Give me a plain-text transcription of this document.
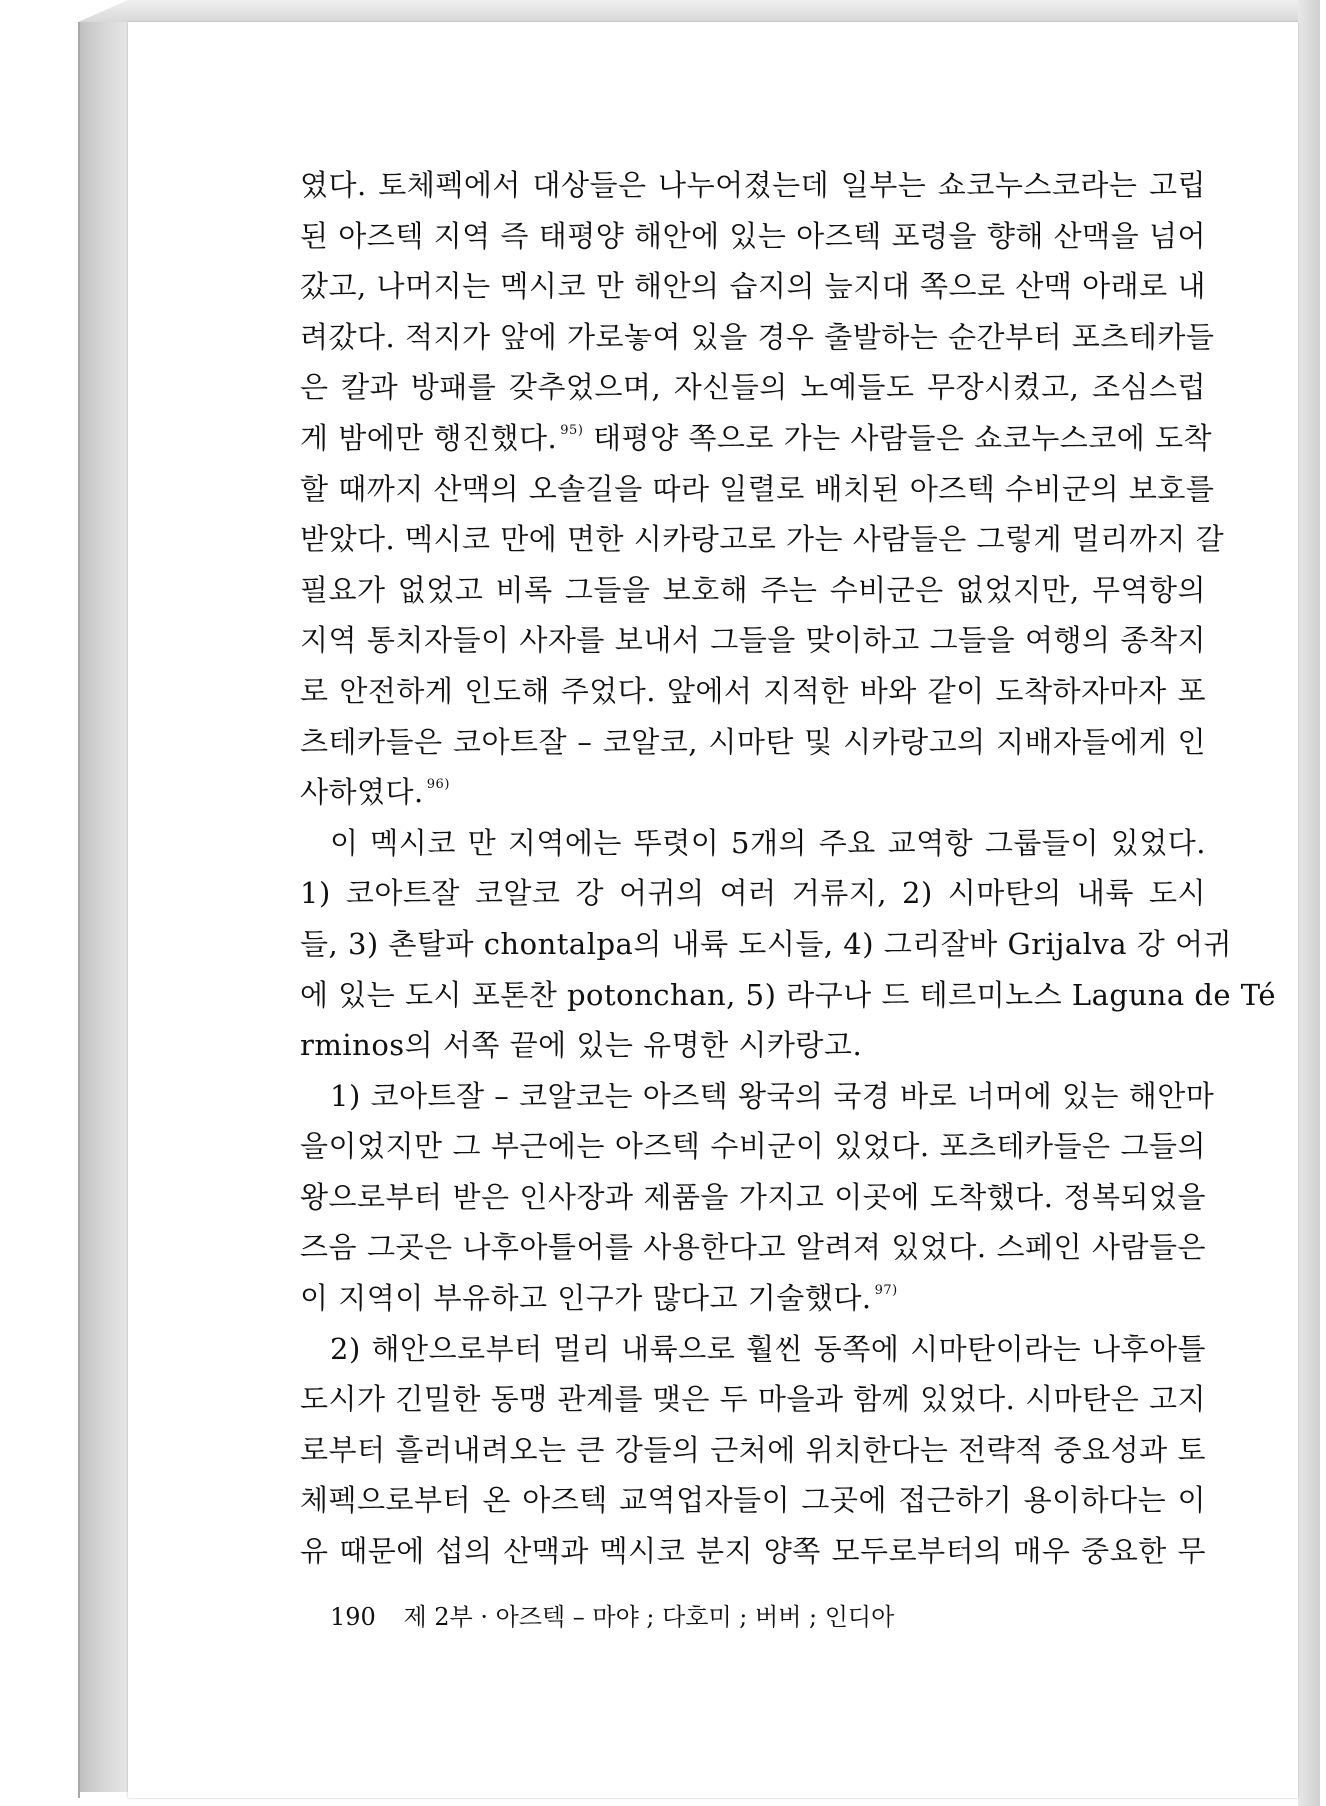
였다. 토체펙에서 대상들은 나누어졌는데 일부는 쇼코누스코라는 고립
된 아즈텍 지역 즉 태평양 해안에 있는 아즈텍 포령을 향해 산맥을 넘어
갔고, 나머지는 멕시코 만 해안의 습지의 늪지대 쪽으로 산맥 아래로 내
려갔다. 적지가 앞에 가로놓여 있을 경우 출발하는 순간부터 포츠테카들
은 칼과 방패를 갖추었으며, 자신들의 노예들도 무장시켰고, 조심스럽
게 밤에만 행진했다. $^{95)}$ 태평양 쪽으로 가는 사람들은 쇼코누스코에 도착
할 때까지 산맥의 오솔길을 따라 일렬로 배치된 아즈텍 수비군의 보호를
받았다. 멕시코 만에 면한 시카랑고로 가는 사람들은 그렇게 멀리까지 갈
필요가 없었고 비록 그들을 보호해 주는 수비군은 없었지만, 무역항의
지역 통치자들이 사자를 보내서 그들을 맞이하고 그들을 여행의 종착지
로 안전하게 인도해 주었다. 앞에서 지적한 바와 같이 도착하자마자 포
츠테카들은 코아트잘 – 코알코, 시마탄 및 시카랑고의 지배자들에게 인
사하였다. $^{96)}$
이 멕시코 만 지역에는 뚜렷이 5개의 주요 교역항 그룹들이 있었다.
1) 코아트잘 코알코 강 어귀의 여러 거류지, 2) 시마탄의 내륙 도시
들, 3) 촌탈파 chontalpa의 내륙 도시들, 4) 그리잘바 Grijalva 강 어귀
에 있는 도시 포톤찬 potonchan, 5) 라구나 드 테르미노스 Laguna de Té
rminos의 서쪽 끝에 있는 유명한 시카랑고.
1) 코아트잘 – 코알코는 아즈텍 왕국의 국경 바로 너머에 있는 해안마
을이었지만 그 부근에는 아즈텍 수비군이 있었다. 포츠테카들은 그들의
왕으로부터 받은 인사장과 제품을 가지고 이곳에 도착했다. 정복되었을
즈음 그곳은 나후아틀어를 사용한다고 알려져 있었다. 스페인 사람들은
이 지역이 부유하고 인구가 많다고 기술했다. $^{97)}$
2) 해안으로부터 멀리 내륙으로 훨씬 동쪽에 시마탄이라는 나후아틀
도시가 긴밀한 동맹 관계를 맺은 두 마을과 함께 있었다. 시마탄은 고지
로부터 흘러내려오는 큰 강들의 근처에 위치한다는 전략적 중요성과 토
체펙으로부터 온 아즈텍 교역업자들이 그곳에 접근하기 용이하다는 이
유 때문에 섭의 산맥과 멕시코 분지 양쪽 모두로부터의 매우 중요한 무
190 제 2부 · 아즈텍 – 마야 ; 다호미 ; 버버 ; 인디아
